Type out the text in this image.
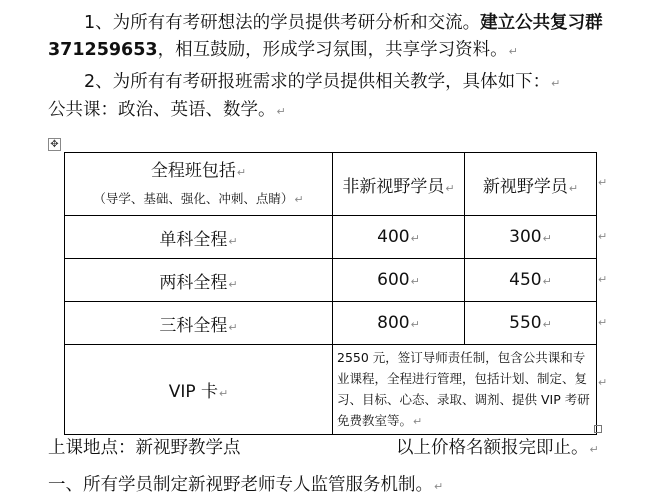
1、为所有有考研想法的学员提供考研分析和交流。建立公共复习群 371259653，相互鼓励，形成学习氛围，共享学习资料。↵
2、为所有有考研报班需求的学员提供相关教学，具体如下：↵
公共课：政治、英语、数学。↵
✥
全程班包括↵
（导学、基础、强化、冲刺、点睛）↵	非新视野学员↵	新视野学员↵
单科全程↵	400↵	300↵
两科全程↵	600↵	450↵
三科全程↵	800↵	550↵
VIP 卡↵	2550 元，签订导师责任制，包含公共课和专业课程，全程进行管理，包括计划、制定、复习、目标、心态、录取、调剂、提供 VIP 考研免费教室等。↵	
↵
↵
↵
↵
↵
上课地点：新视野教学点	以上价格名额报完即止。↵
一、所有学员制定新视野老师专人监管服务机制。↵
